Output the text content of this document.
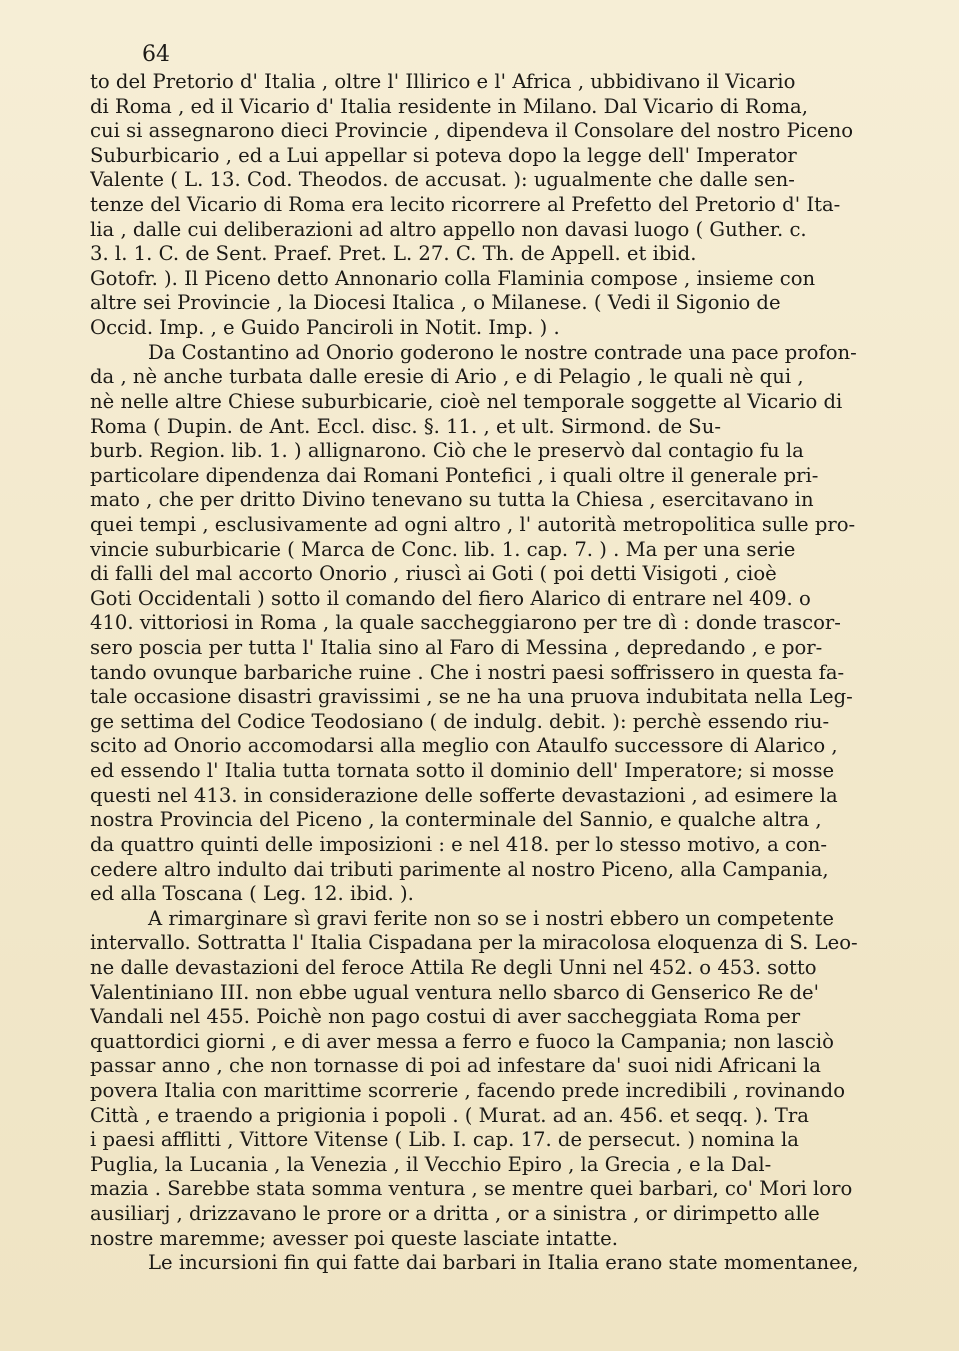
64
to del Pretorio d' Italia , oltre l' Illirico e l' Africa , ubbidivano il Vicario
di Roma , ed il Vicario d' Italia residente in Milano. Dal Vicario di Roma,
cui si assegnarono dieci Provincie , dipendeva il Consolare del nostro Piceno
Suburbicario , ed a Lui appellar si poteva dopo la legge dell' Imperator
Valente ( L. 13. Cod. Theodos. de accusat. ): ugualmente che dalle sen-
tenze del Vicario di Roma era lecito ricorrere al Prefetto del Pretorio d' Ita-
lia , dalle cui deliberazioni ad altro appello non davasi luogo ( Guther. c.
3. l. 1. C. de Sent. Praef. Pret. L. 27. C. Th. de Appell. et ibid.
Gotofr. ). Il Piceno detto Annonario colla Flaminia compose , insieme con
altre sei Provincie , la Diocesi Italica , o Milanese. ( Vedi il Sigonio de
Occid. Imp. , e Guido Panciroli in Notit. Imp. ) .
Da Costantino ad Onorio goderono le nostre contrade una pace profon-
da , nè anche turbata dalle eresie di Ario , e di Pelagio , le quali nè qui ,
nè nelle altre Chiese suburbicarie, cioè nel temporale soggette al Vicario di
Roma ( Dupin. de Ant. Eccl. disc. §. 11. , et ult. Sirmond. de Su-
burb. Region. lib. 1. ) allignarono. Ciò che le preservò dal contagio fu la
particolare dipendenza dai Romani Pontefici , i quali oltre il generale pri-
mato , che per dritto Divino tenevano su tutta la Chiesa , esercitavano in
quei tempi , esclusivamente ad ogni altro , l' autorità metropolitica sulle pro-
vincie suburbicarie ( Marca de Conc. lib. 1. cap. 7. ) . Ma per una serie
di falli del mal accorto Onorio , riuscì ai Goti ( poi detti Visigoti , cioè
Goti Occidentali ) sotto il comando del fiero Alarico di entrare nel 409. o
410. vittoriosi in Roma , la quale saccheggiarono per tre dì : donde trascor-
sero poscia per tutta l' Italia sino al Faro di Messina , depredando , e por-
tando ovunque barbariche ruine . Che i nostri paesi soffrissero in questa fa-
tale occasione disastri gravissimi , se ne ha una pruova indubitata nella Leg-
ge settima del Codice Teodosiano ( de indulg. debit. ): perchè essendo riu-
scito ad Onorio accomodarsi alla meglio con Ataulfo successore di Alarico ,
ed essendo l' Italia tutta tornata sotto il dominio dell' Imperatore; si mosse
questi nel 413. in considerazione delle sofferte devastazioni , ad esimere la
nostra Provincia del Piceno , la conterminale del Sannio, e qualche altra ,
da quattro quinti delle imposizioni : e nel 418. per lo stesso motivo, a con-
cedere altro indulto dai tributi parimente al nostro Piceno, alla Campania,
ed alla Toscana ( Leg. 12. ibid. ).
A rimarginare sì gravi ferite non so se i nostri ebbero un competente
intervallo. Sottratta l' Italia Cispadana per la miracolosa eloquenza di S. Leo-
ne dalle devastazioni del feroce Attila Re degli Unni nel 452. o 453. sotto
Valentiniano III. non ebbe ugual ventura nello sbarco di Genserico Re de'
Vandali nel 455. Poichè non pago costui di aver saccheggiata Roma per
quattordici giorni , e di aver messa a ferro e fuoco la Campania; non lasciò
passar anno , che non tornasse di poi ad infestare da' suoi nidi Africani la
povera Italia con marittime scorrerie , facendo prede incredibili , rovinando
Città , e traendo a prigionia i popoli . ( Murat. ad an. 456. et seqq. ). Tra
i paesi afflitti , Vittore Vitense ( Lib. I. cap. 17. de persecut. ) nomina la
Puglia, la Lucania , la Venezia , il Vecchio Epiro , la Grecia , e la Dal-
mazia . Sarebbe stata somma ventura , se mentre quei barbari, co' Mori loro
ausiliarj , drizzavano le prore or a dritta , or a sinistra , or dirimpetto alle
nostre maremme; avesser poi queste lasciate intatte.
Le incursioni fin qui fatte dai barbari in Italia erano state momentanee,
